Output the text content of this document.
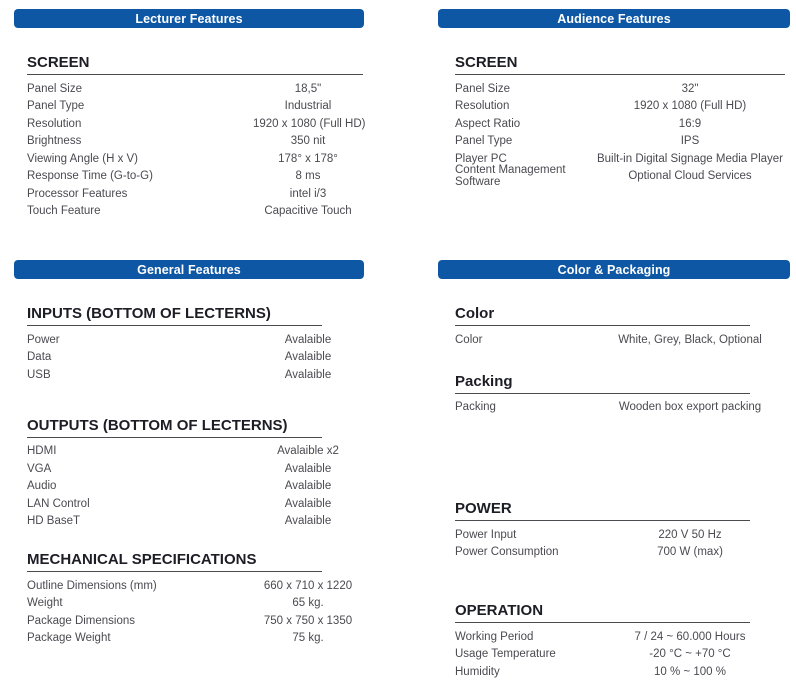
Lecturer Features
SCREEN
Panel Size	18,5"
Panel Type	Industrial
Resolution	1920 x 1080 (Full HD)
Brightness	350 nit
Viewing Angle (H x V)	178° x 178°
Response Time (G-to-G)	8 ms
Processor Features	intel i/3
Touch Feature	Capacitive Touch
Audience Features
SCREEN
Panel Size	32"
Resolution	1920 x 1080 (Full HD)
Aspect Ratio	16:9
Panel Type	IPS
Player PC	Built-in Digital Signage Media Player
Content Management Software	Optional Cloud Services
General Features
INPUTS (BOTTOM OF LECTERNS)
Power	Avalaible
Data	Avalaible
USB	Avalaible
OUTPUTS (BOTTOM OF LECTERNS)
HDMI	Avalaible x2
VGA	Avalaible
Audio	Avalaible
LAN Control	Avalaible
HD BaseT	Avalaible
MECHANICAL SPECIFICATIONS
Outline Dimensions (mm)	660 x 710 x 1220
Weight	65 kg.
Package Dimensions	750 x 750 x 1350
Package Weight	75 kg.
Color & Packaging
Color
Color	White, Grey, Black, Optional
Packing
Packing	Wooden box export packing
POWER
Power Input	220 V 50 Hz
Power Consumption	700 W (max)
OPERATION
Working Period	7 / 24 ~ 60.000 Hours
Usage Temperature	-20 °C ~ +70 °C
Humidity	10 % ~ 100 %
